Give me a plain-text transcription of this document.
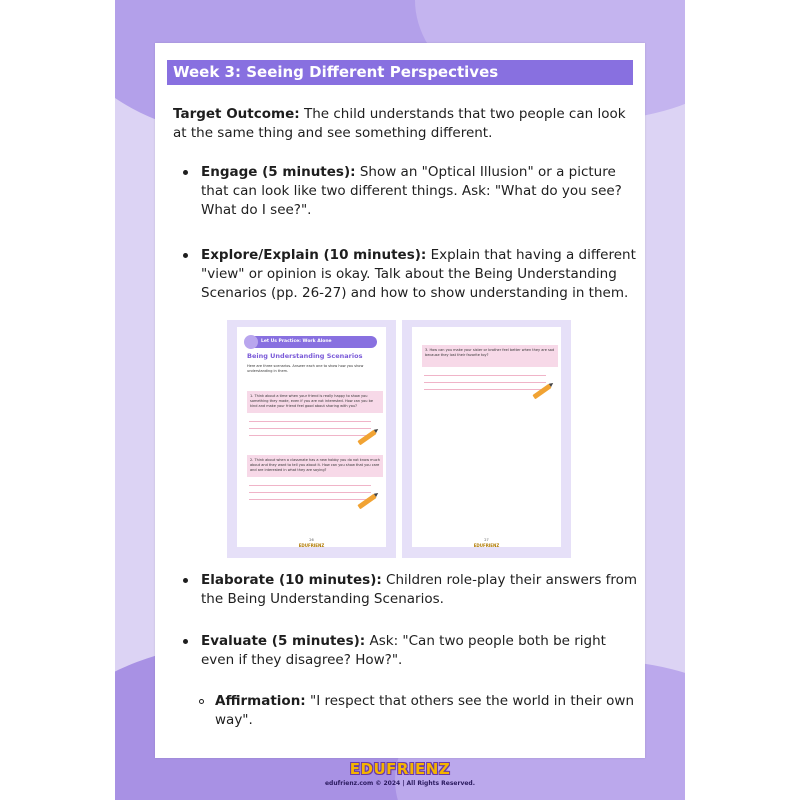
Week 3: Seeing Different Perspectives
Target Outcome: The child understands that two people can look at the same thing and see something different.
Engage (5 minutes): Show an "Optical Illusion" or a picture that can look like two different things. Ask: "What do you see? What do I see?".
Explore/Explain (10 minutes): Explain that having a different "view" or opinion is okay. Talk about the Being Understanding Scenarios (pp. 26-27) and how to show understanding in them.
Let Us Practice: Work Alone
Being Understanding Scenarios
Here are three scenarios. Answer each one to show how you show understanding in them.
1. Think about a time when your friend is really happy to show you something they made, even if you are not interested. How can you be kind and make your friend feel good about sharing with you?
2. Think about when a classmate has a new hobby you do not know much about and they want to tell you about it. How can you show that you care and are interested in what they are saying?
26
EDUFRIENZ
3. How can you make your sister or brother feel better when they are sad because they lost their favorite toy?
27
EDUFRIENZ
Elaborate (10 minutes): Children role-play their answers from the Being Understanding Scenarios.
Evaluate (5 minutes): Ask: "Can two people both be right even if they disagree? How?".
Affirmation: "I respect that others see the world in their own way".
EDUFRIENZ
edufrienz.com © 2024 | All Rights Reserved.
